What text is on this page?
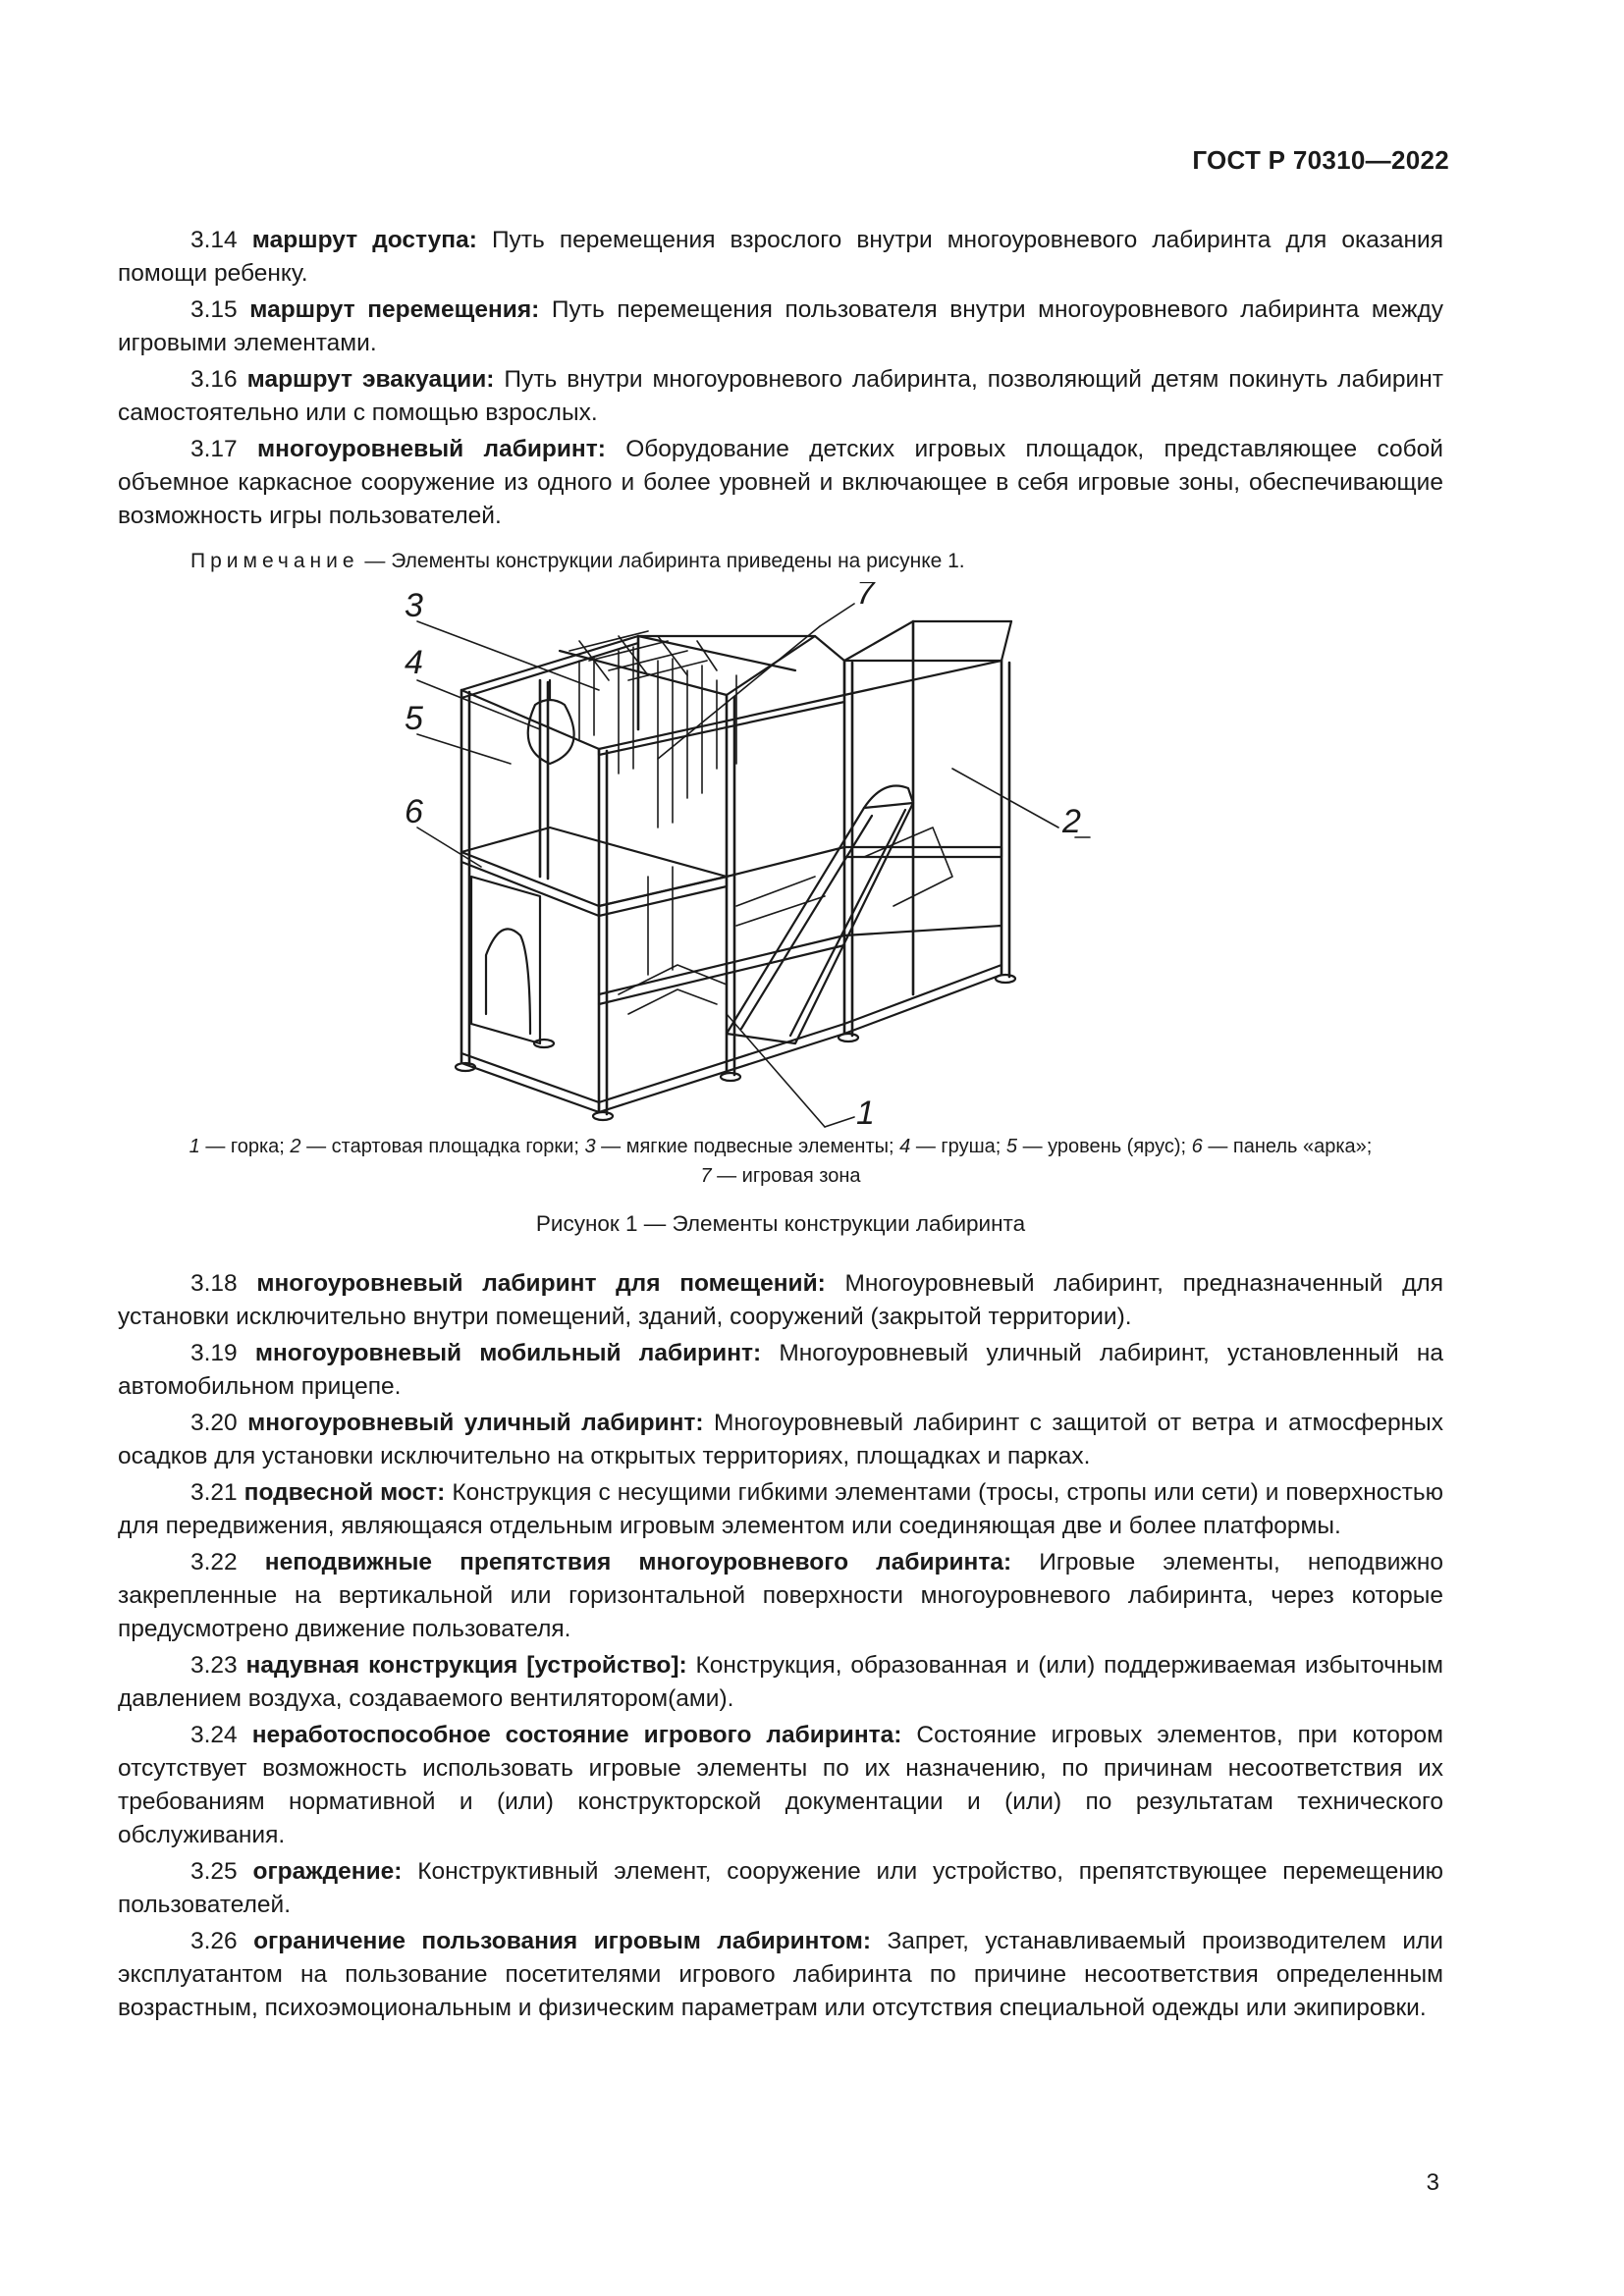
ГОСТ Р 70310—2022

3.14 маршрут доступа: Путь перемещения взрослого внутри многоуровневого лабиринта для оказания помощи ребенку.

3.15 маршрут перемещения: Путь перемещения пользователя внутри многоуровневого лабиринта между игровыми элементами.

3.16 маршрут эвакуации: Путь внутри многоуровневого лабиринта, позволяющий детям покинуть лабиринт самостоятельно или с помощью взрослых.

3.17 многоуровневый лабиринт: Оборудование детских игровых площадок, представляющее собой объемное каркасное сооружение из одного и более уровней и включающее в себя игровые зоны, обеспечивающие возможность игры пользователей.

Примечание — Элементы конструкции лабиринта приведены на рисунке 1.

3
4
5
6
7
2
1
1 — горка; 2 — стартовая площадка горки; 3 — мягкие подвесные элементы; 4 — груша; 5 — уровень (ярус); 6 — панель «арка»;
7 — игровая зона
Рисунок 1 — Элементы конструкции лабиринта

3.18 многоуровневый лабиринт для помещений: Многоуровневый лабиринт, предназначенный для установки исключительно внутри помещений, зданий, сооружений (закрытой территории).

3.19 многоуровневый мобильный лабиринт: Многоуровневый уличный лабиринт, установленный на автомобильном прицепе.

3.20 многоуровневый уличный лабиринт: Многоуровневый лабиринт с защитой от ветра и атмосферных осадков для установки исключительно на открытых территориях, площадках и парках.

3.21 подвесной мост: Конструкция с несущими гибкими элементами (тросы, стропы или сети) и поверхностью для передвижения, являющаяся отдельным игровым элементом или соединяющая две и более платформы.

3.22 неподвижные препятствия многоуровневого лабиринта: Игровые элементы, неподвижно закрепленные на вертикальной или горизонтальной поверхности многоуровневого лабиринта, через которые предусмотрено движение пользователя.

3.23 надувная конструкция [устройство]: Конструкция, образованная и (или) поддерживаемая избыточным давлением воздуха, создаваемого вентилятором(ами).

3.24 неработоспособное состояние игрового лабиринта: Состояние игровых элементов, при котором отсутствует возможность использовать игровые элементы по их назначению, по причинам несоответствия их требованиям нормативной и (или) конструкторской документации и (или) по результатам технического обслуживания.

3.25 ограждение: Конструктивный элемент, сооружение или устройство, препятствующее перемещению пользователей.

3.26 ограничение пользования игровым лабиринтом: Запрет, устанавливаемый производителем или эксплуатантом на пользование посетителями игрового лабиринта по причине несоответствия определенным возрастным, психоэмоциональным и физическим параметрам или отсутствия специальной одежды или экипировки.

3
